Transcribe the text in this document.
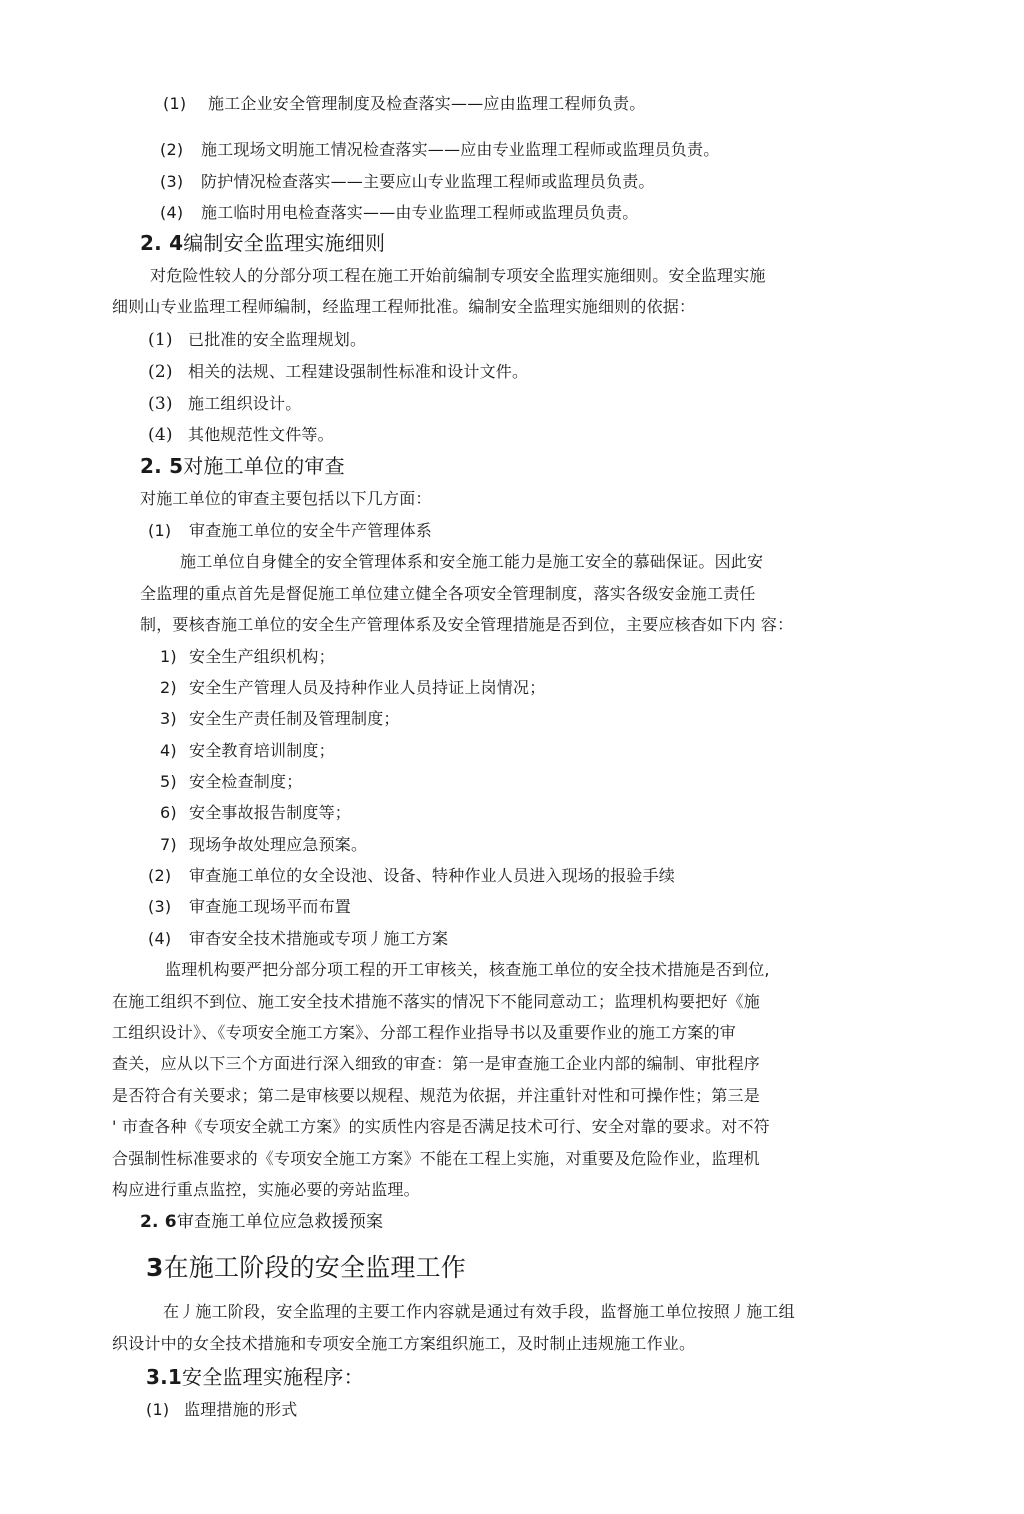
(1) 施工企业安全管理制度及检查落实——应由监理工程师负责。
(2) 施工现场文明施工情况检查落实——应由专业监理工程师或监理员负责。
(3) 防护情况检查落实——主要应山专业监理工程师或监理员负责。
(4) 施工临时用电检查落实——由专业监理工程师或监理员负责。
2. 4编制安全监理实施细则
对危险性较人的分部分项工程在施工开始前编制专项安全监理实施细则。安全监理实施
细则山专业监理工程师编制，经监理工程师批准。编制安全监理实施细则的依据：
(1) 已批准的安全监理规划。
(2) 相关的法规、工程建设强制性标准和设计文件。
(3) 施工组织设计。
(4) 其他规范性文件等。
2. 5对施工单位的审查
对施工单位的审查主要包括以下几方面：
(1) 审查施工单位的安全牛产管理体系
施工单位自身健全的安全管理体系和安全施工能力是施工安全的慕础保证。因此安
全监理的重点首先是督促施工单位建立健全各项安全管理制度，落实各级安金施工责任
制，要核杳施工单位的安全生产管理体系及安全管理措施是否到位，主要应核杳如下内 容：
1) 安全生产组织机构；
2) 安全生产管理人员及持种作业人员持证上岗情况；
3) 安全生产责任制及管理制度；
4) 安全教育培训制度；
5) 安全检查制度；
6) 安全事故报告制度等；
7) 现场争故处理应急预案。
(2) 审查施工单位的女全设池、设备、特种作业人员进入现场的报验手续
(3) 审查施工现场平而布置
(4) 审杳安全技术措施或专项丿施工方案
监理机构要严把分部分项工程的开工审核关，核查施工单位的安全技术措施是否到位,
在施工组织不到位、施工安全技术措施不落实的情况下不能同意动工；监理机构要把好《施
工组织设计》、《专项安全施工方案》、分部工程作业指导书以及重要作业的施工方案的审
查关，应从以下三个方面进行深入细致的审查：第一是审查施工企业内部的编制、审批程序
是否符合有关要求；第二是审核要以规程、规范为依据，并注重针对性和可操作性；第三是
' 市查各种《专项安全就工方案》的实质性内容是否满足技术可行、安全对靠的要求。对不符
合强制性标准要求的《专项安全施工方案》不能在工程上实施，对重要及危险作业，监理机
构应进行重点监控，实施必要的旁站监理。
2. 6审查施工单位应急救援预案
3在施工阶段的安全监理工作
在丿施工阶段，安全监理的主要工作内容就是通过有效手段，监督施工单位按照丿施工组
织设计中的女全技术措施和专项安全施工方案组织施工，及时制止违规施工作业。
3.1安全监理实施程序：
(1) 监理措施的形式
